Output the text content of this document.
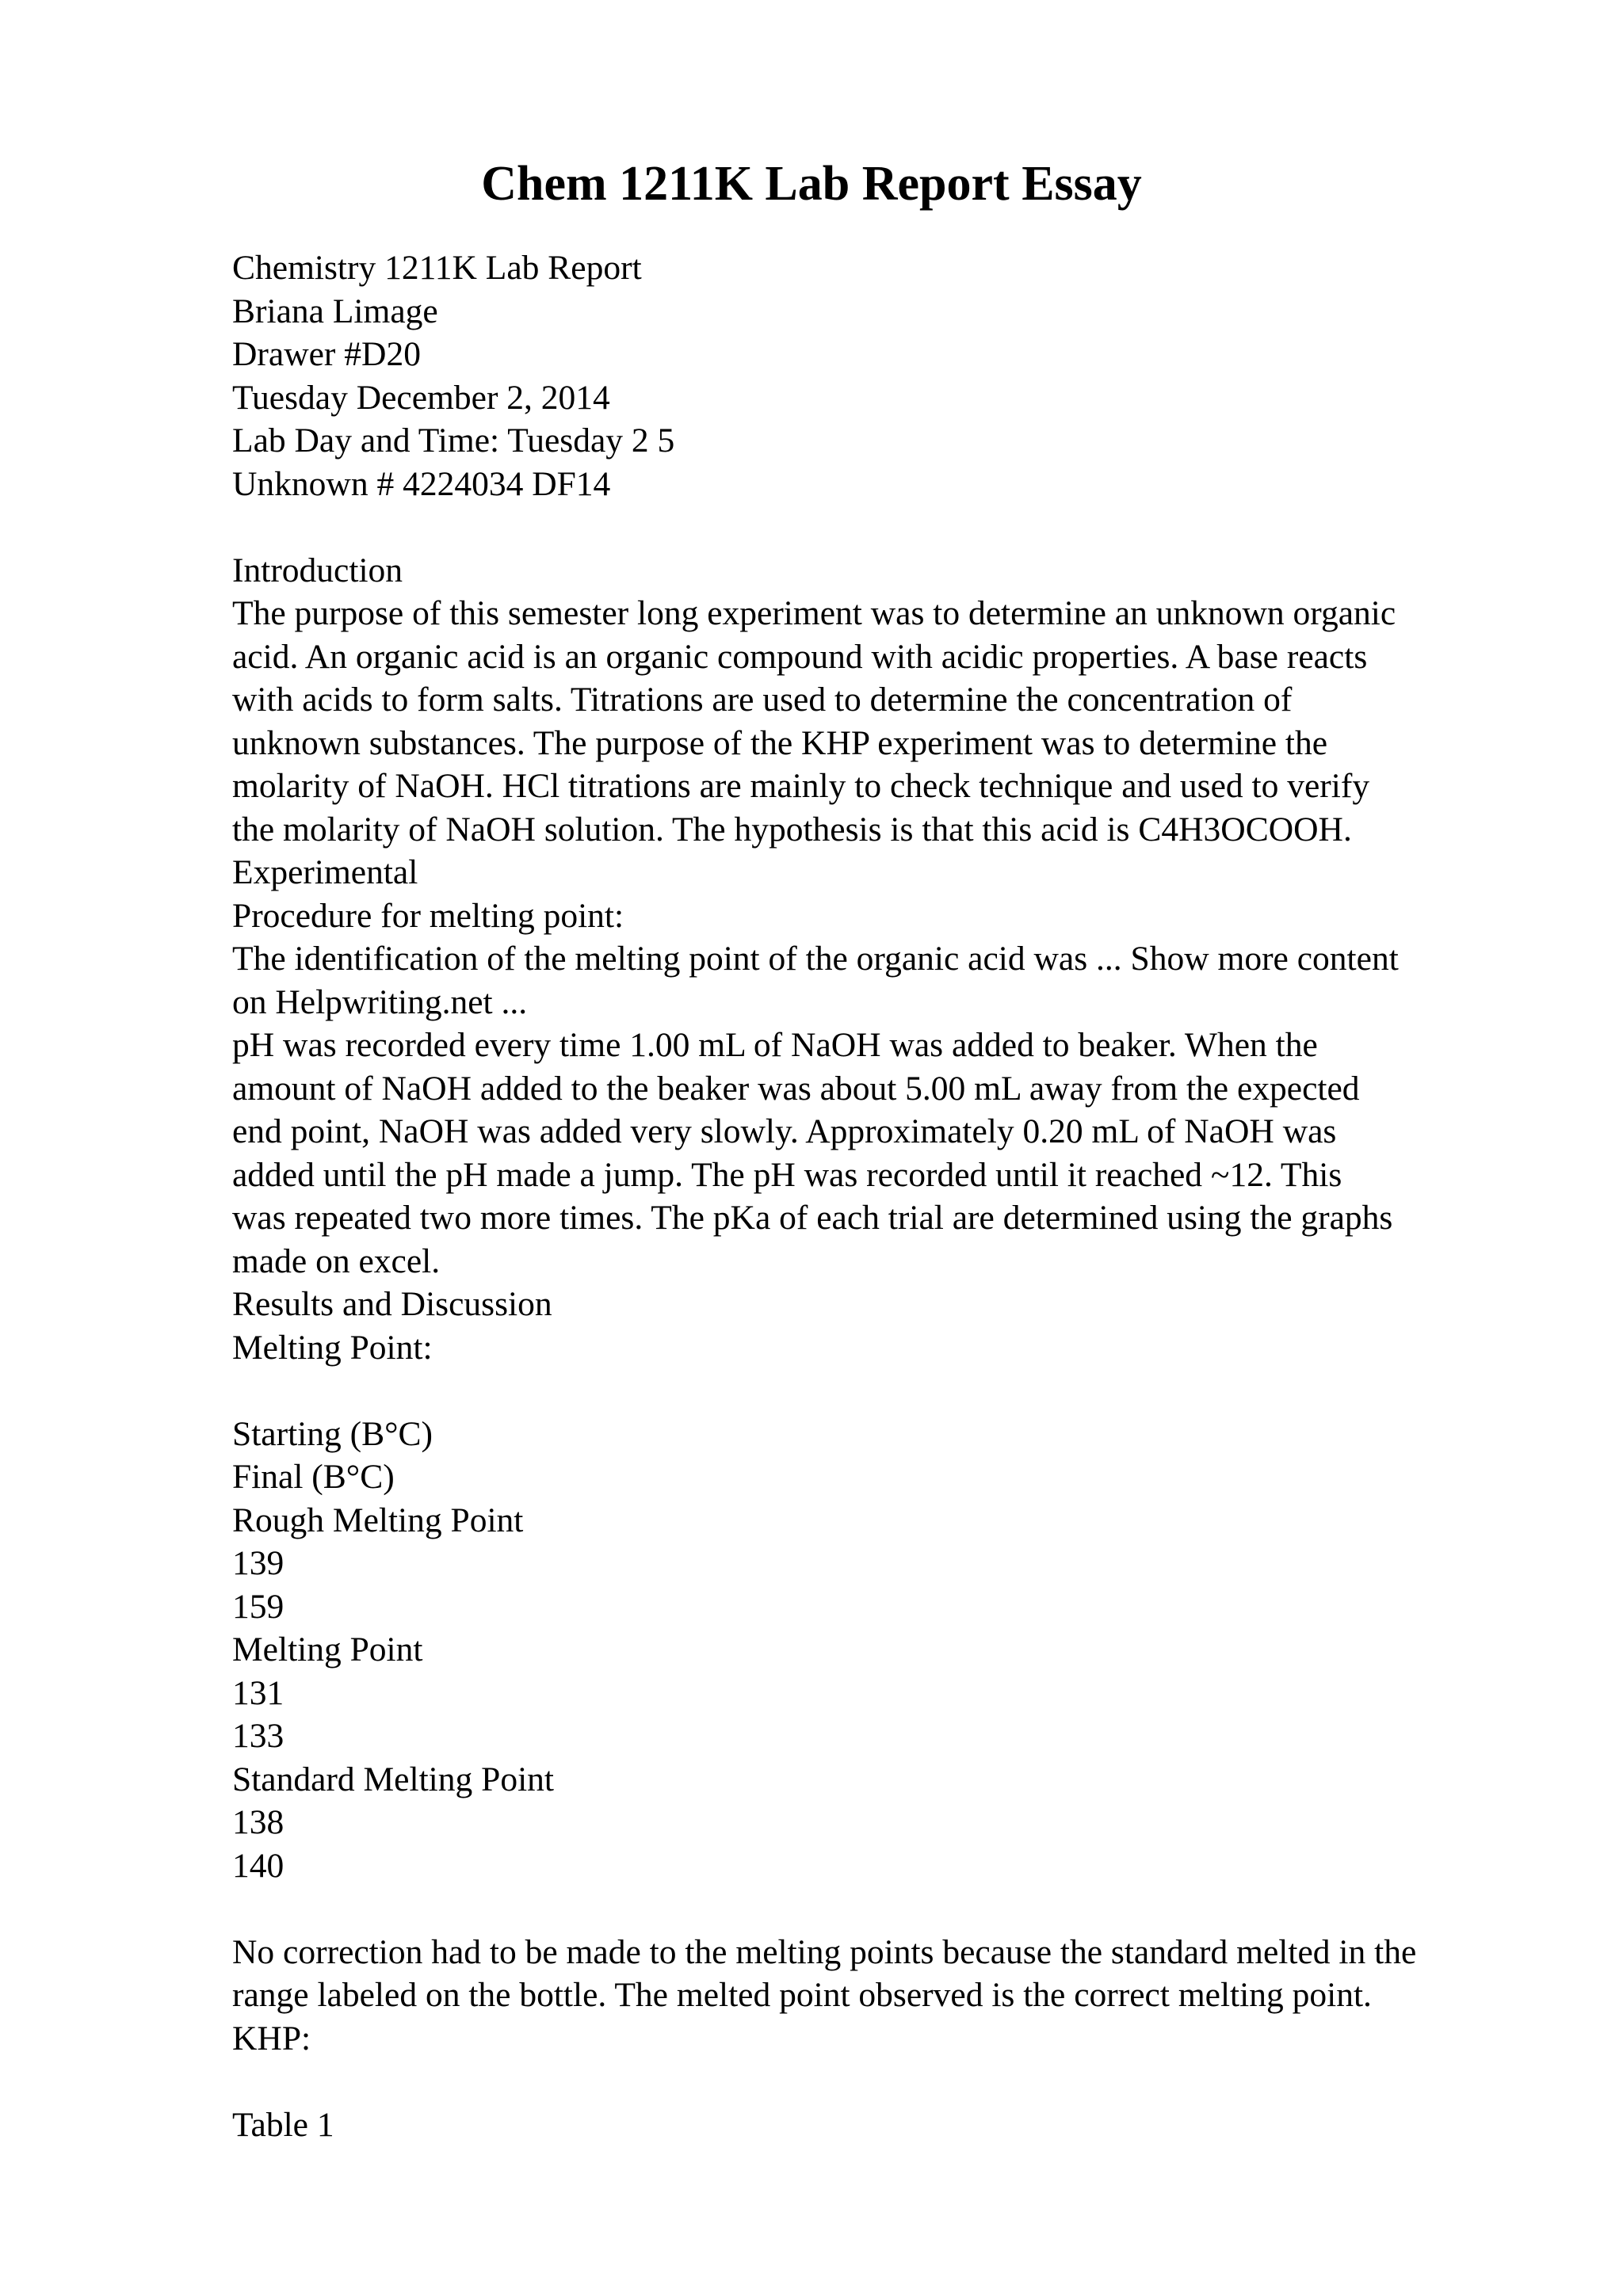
Chem 1211K Lab Report Essay
Chemistry 1211K Lab Report
Briana Limage
Drawer #D20
Tuesday December 2, 2014
Lab Day and Time: Tuesday 2 5
Unknown # 4224034 DF14
Introduction
The purpose of this semester long experiment was to determine an unknown organic
acid. An organic acid is an organic compound with acidic properties. A base reacts
with acids to form salts. Titrations are used to determine the concentration of
unknown substances. The purpose of the KHP experiment was to determine the
molarity of NaOH. HCl titrations are mainly to check technique and used to verify
the molarity of NaOH solution. The hypothesis is that this acid is C4H3OCOOH.
Experimental
Procedure for melting point:
The identification of the melting point of the organic acid was ... Show more content
on Helpwriting.net ...
pH was recorded every time 1.00 mL of NaOH was added to beaker. When the
amount of NaOH added to the beaker was about 5.00 mL away from the expected
end point, NaOH was added very slowly. Approximately 0.20 mL of NaOH was
added until the pH made a jump. The pH was recorded until it reached ~12. This
was repeated two more times. The pKa of each trial are determined using the graphs
made on excel.
Results and Discussion
Melting Point:
Starting (B°C)
Final (B°C)
Rough Melting Point
139
159
Melting Point
131
133
Standard Melting Point
138
140
No correction had to be made to the melting points because the standard melted in the
range labeled on the bottle. The melted point observed is the correct melting point.
KHP:
Table 1
